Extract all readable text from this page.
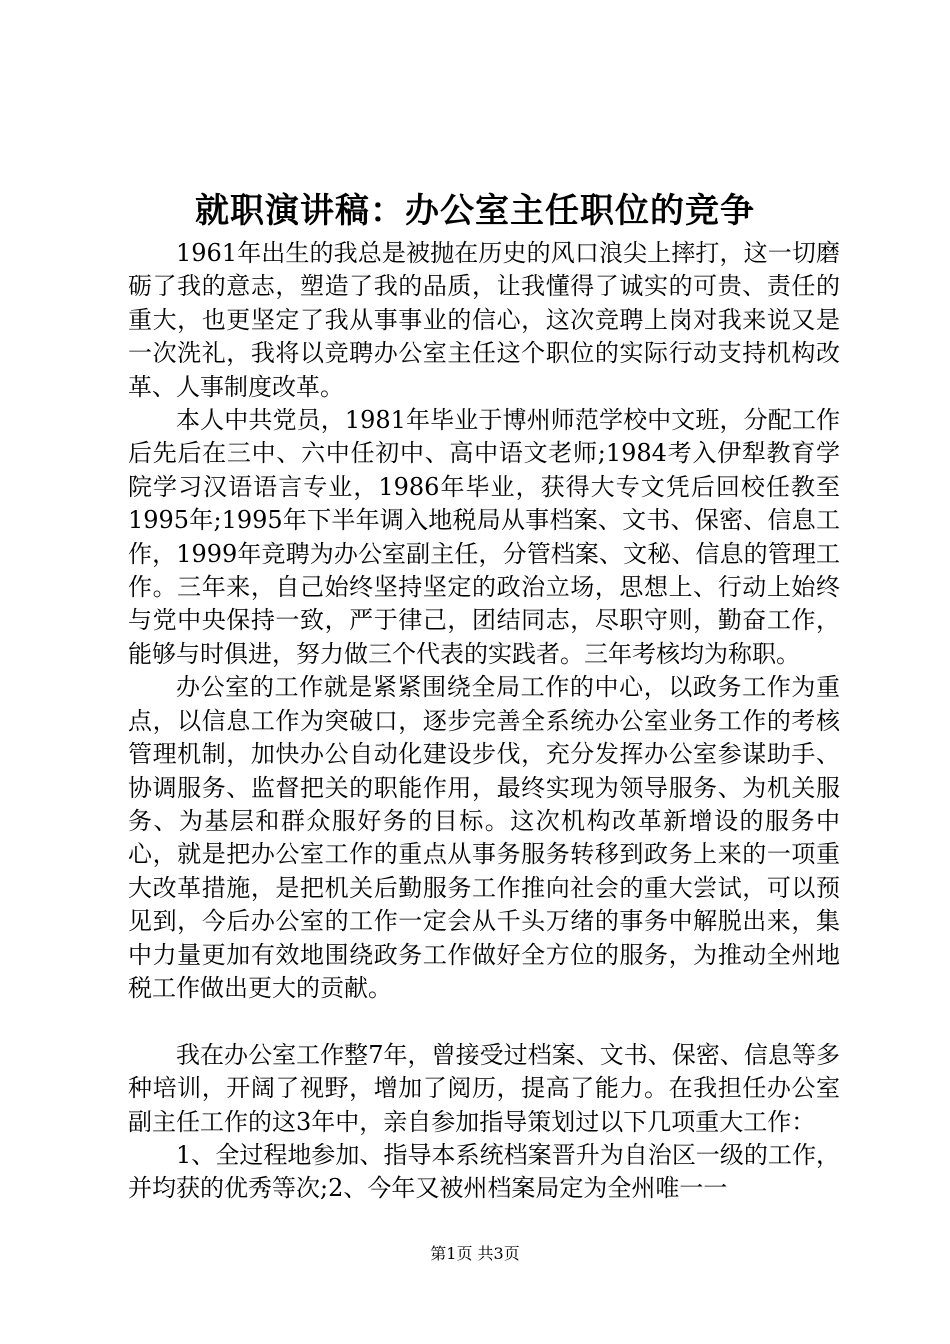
就职演讲稿：办公室主任职位的竞争

1961年出生的我总是被抛在历史的风口浪尖上摔打，这一切磨砺了我的意志，塑造了我的品质，让我懂得了诚实的可贵、责任的重大，也更坚定了我从事事业的信心，这次竞聘上岗对我来说又是一次洗礼，我将以竞聘办公室主任这个职位的实际行动支持机构改革、人事制度改革。

本人中共党员，1981年毕业于博州师范学校中文班，分配工作后先后在三中、六中任初中、高中语文老师;1984考入伊犁教育学院学习汉语语言专业，1986年毕业，获得大专文凭后回校任教至1995年;1995年下半年调入地税局从事档案、文书、保密、信息工作，1999年竞聘为办公室副主任，分管档案、文秘、信息的管理工作。三年来，自己始终坚持坚定的政治立场，思想上、行动上始终与党中央保持一致，严于律己，团结同志，尽职守则，勤奋工作，能够与时俱进，努力做三个代表的实践者。三年考核均为称职。

办公室的工作就是紧紧围绕全局工作的中心，以政务工作为重点，以信息工作为突破口，逐步完善全系统办公室业务工作的考核管理机制，加快办公自动化建设步伐，充分发挥办公室参谋助手、协调服务、监督把关的职能作用，最终实现为领导服务、为机关服务、为基层和群众服好务的目标。这次机构改革新增设的服务中心，就是把办公室工作的重点从事务服务转移到政务上来的一项重大改革措施，是把机关后勤服务工作推向社会的重大尝试，可以预见到，今后办公室的工作一定会从千头万绪的事务中解脱出来，集中力量更加有效地围绕政务工作做好全方位的服务，为推动全州地税工作做出更大的贡献。

我在办公室工作整7年，曾接受过档案、文书、保密、信息等多种培训，开阔了视野，增加了阅历，提高了能力。在我担任办公室副主任工作的这3年中，亲自参加指导策划过以下几项重大工作：

1、全过程地参加、指导本系统档案晋升为自治区一级的工作，并均获的优秀等次;2、今年又被州档案局定为全州唯一一

第1页 共3页
